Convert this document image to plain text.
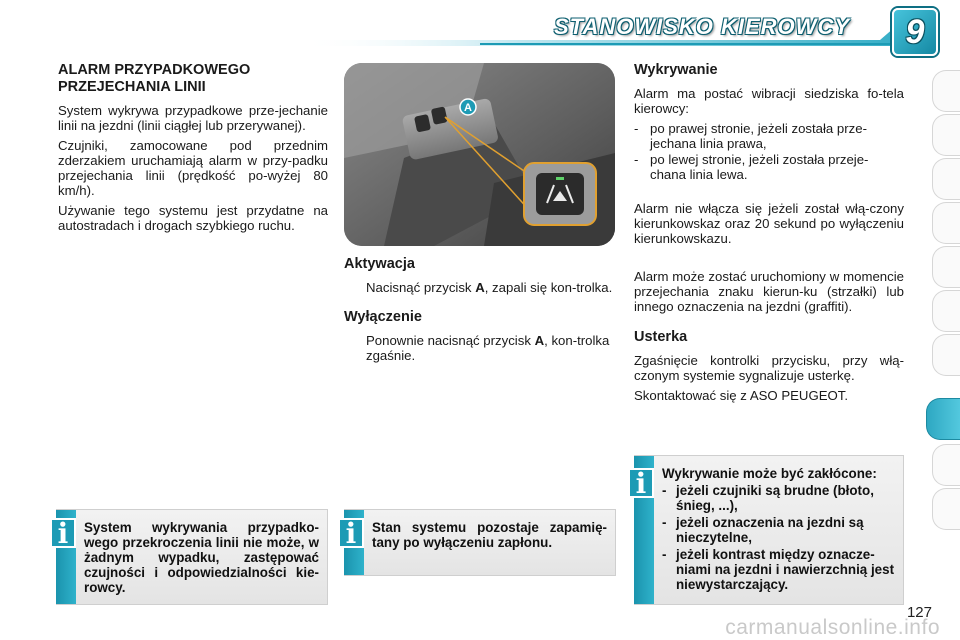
STANOWISKO KIEROWCY 9
ALARM PRZYPADKOWEGO PRZEJECHANIA LINII

System wykrywa przypadkowe prze-jechanie linii na jezdni (linii ciągłej lub przerywanej).

Czujniki, zamocowane pod przednim zderzakiem uruchamiają alarm w przy-padku przejechania linii (prędkość po-wyżej 80 km/h).

Używanie tego systemu jest przydatne na autostradach i drogach szybkiego ruchu.

A
Aktywacja
Nacisnąć przycisk A, zapali się kon-trolka.
Wyłączenie
Ponownie nacisnąć przycisk A, kon-trolka zgaśnie.
Wykrywanie

Alarm ma postać wibracji siedziska fo-tela kierowcy:

- po prawej stronie, jeżeli została prze-jechana linia prawa,
- po lewej stronie, jeżeli została przeje-chana linia lewa.

Alarm nie włącza się jeżeli został włą-czony kierunkowskaz oraz 20 sekund po wyłączeniu kierunkowskazu.

Alarm może zostać uruchomiony w momencie przejechania znaku kierun-ku (strzałki) lub innego oznaczenia na jezdni (graffiti).

Usterka

Zgaśnięcie kontrolki przycisku, przy włą-czonym systemie sygnalizuje usterkę.

Skontaktować się z ASO PEUGEOT.

i	System wykrywania przypadko-wego przekroczenia linii nie może, w żadnym wypadku, zastępować czujności i odpowiedzialności kie-rowcy.
i	Stan systemu pozostaje zapamię-tany po wyłączeniu zapłonu.
i	Wykrywanie może być zakłócone:
- jeżeli czujniki są brudne (błoto, śnieg, ...),
- jeżeli oznaczenia na jezdni są nieczytelne,
- jeżeli kontrast między oznacze-niami na jezdni i nawierzchnią jest niewystarczający.
127
carmanualsonline.info
